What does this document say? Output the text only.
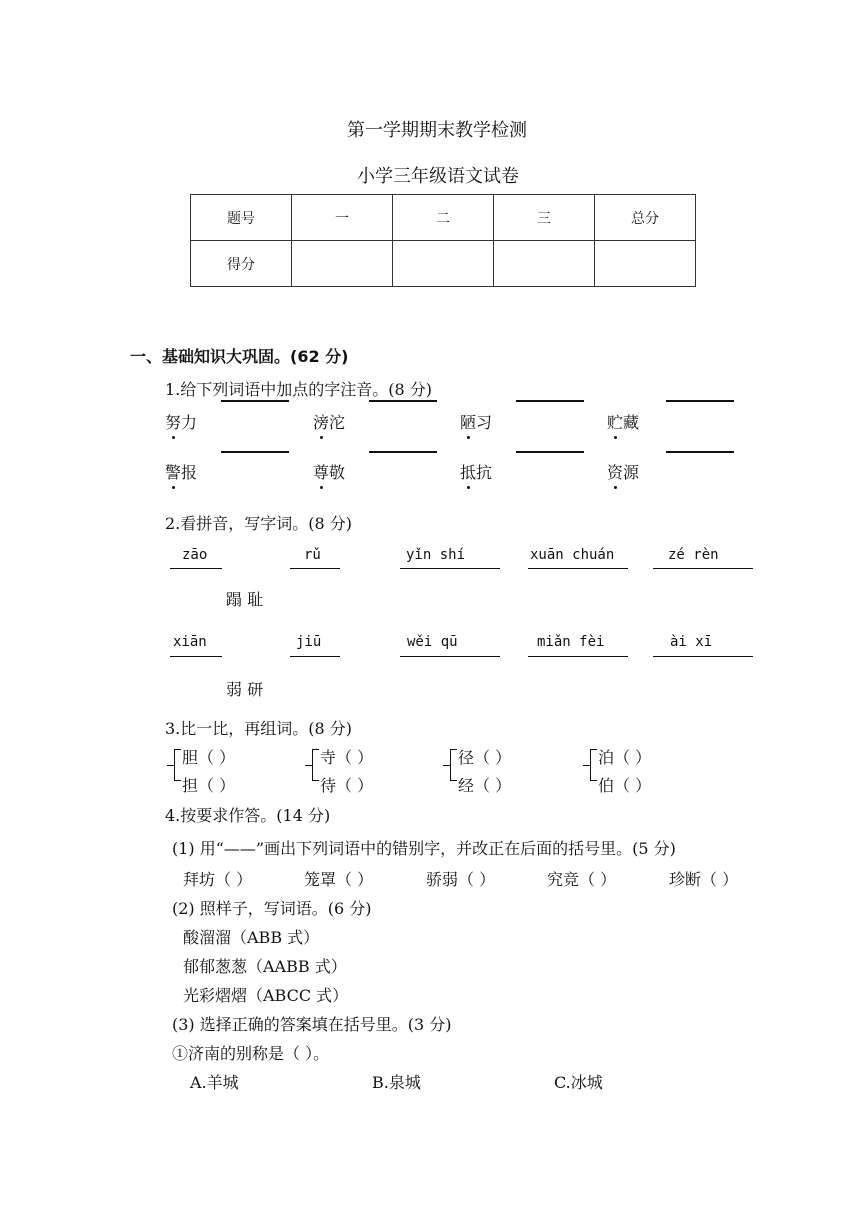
第一学期期末教学检测
小学三年级语文试卷
题号	一	二	三	总分
得分				
一、基础知识大巩固。(62 分)
1.给下列词语中加点的字注音。(8 分)
努力	滂沱	陋习	贮藏
警报	尊敬	抵抗	资源
2.看拼音，写字词。(8 分)
zāo	rǔ	yǐn shí	xuān chuán	zé rèn
蹋 耻
xiān	jiū	wěi qū	miǎn fèi	ài xī
弱 研
3.比一比，再组词。(8 分)
胆（ ）
担（ ）
寺（ ）
待（ ）
径（ ）
经（ ）
泊（ ）
伯（ ）
4.按要求作答。(14 分)
(1) 用“——”画出下列词语中的错别字，并改正在后面的括号里。(5 分)
拜坊（ ）	笼罩（ ）	骄弱（ ）	究竞（ ）	珍断（ ）
(2) 照样子，写词语。(6 分)
酸溜溜（ABB 式）
郁郁葱葱（AABB 式）
光彩熠熠（ABCC 式）
(3) 选择正确的答案填在括号里。(3 分)
①济南的别称是（ ）。
A.羊城	B.泉城	C.冰城
